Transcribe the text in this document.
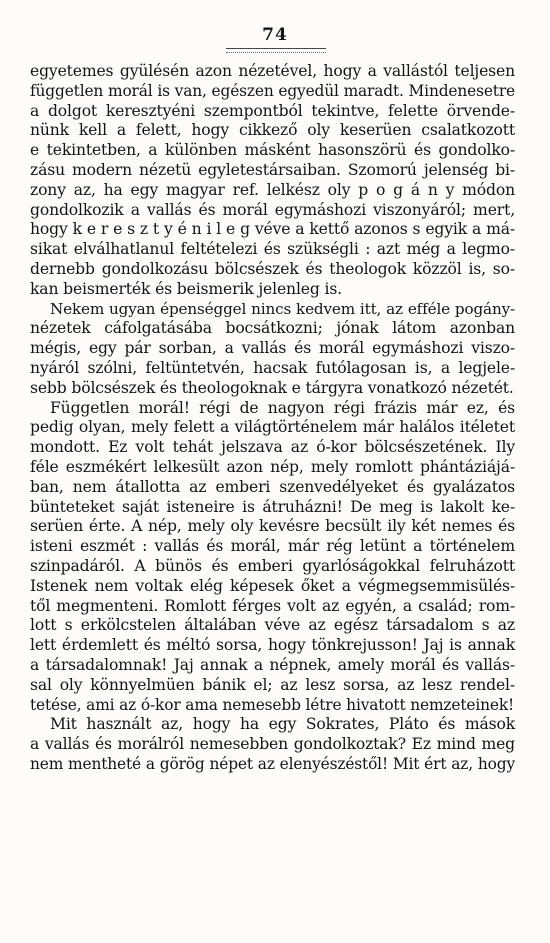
74
egyetemes gyülésén azon nézetével, hogy a vallástól teljesen
független morál is van, egészen egyedül maradt. Mindenesetre
a dolgot keresztyéni szempontból tekintve, felette örvende-
nünk kell a felett, hogy cikkező oly keserüen csalatkozott
e tekintetben, a különben másként hasonszörü és gondolko-
zásu modern nézetü egyletestársaiban. Szomorú jelenség bi-
zony az, ha egy magyar ref. lelkész oly p o g á n y módon
gondolkozik a vallás és morál egymáshozi viszonyáról; mert,
hogy k e r e s z t y é n i l e g véve a kettő azonos s egyik a má-
sikat elválhatlanul feltételezi és szükségli : azt még a legmo-
dernebb gondolkozásu bölcsészek és theologok közzöl is, so-
kan beismerték és beismerik jelenleg is.
Nekem ugyan épenséggel nincs kedvem itt, az efféle pogány-
nézetek cáfolgatásába bocsátkozni; jónak látom azonban
mégis, egy pár sorban, a vallás és morál egymáshozi viszo-
nyáról szólni, feltüntetvén, hacsak futólagosan is, a legjele-
sebb bölcsészek és theologoknak e tárgyra vonatkozó nézetét.
Független morál! régi de nagyon régi frázis már ez, és
pedig olyan, mely felett a világtörténelem már halálos itéletet
mondott. Ez volt tehát jelszava az ó-kor bölcsészetének. Ily
féle eszmékért lelkesült azon nép, mely romlott phántáziájá-
ban, nem átallotta az emberi szenvedélyeket és gyalázatos
bünteteket saját isteneire is átruházni! De meg is lakolt ke-
serüen érte. A nép, mely oly kevésre becsült ily két nemes és
isteni eszmét : vallás és morál, már rég letünt a történelem
szinpadáról. A bünös és emberi gyarlóságokkal felruházott
Istenek nem voltak elég képesek őket a végmegsemmisülés-
től megmenteni. Romlott férges volt az egyén, a család; rom-
lott s erkölcstelen általában véve az egész társadalom s az
lett érdemlett és méltó sorsa, hogy tönkrejusson! Jaj is annak
a társadalomnak! Jaj annak a népnek, amely morál és vallás-
sal oly könnyelmüen bánik el; az lesz sorsa, az lesz rendel-
tetése, ami az ó-kor ama nemesebb létre hivatott nemzeteinek!
Mit használt az, hogy ha egy Sokrates, Pláto és mások
a vallás és morálról nemesebben gondolkoztak? Ez mind meg
nem mentheté a görög népet az elenyészéstől! Mit ért az, hogy
